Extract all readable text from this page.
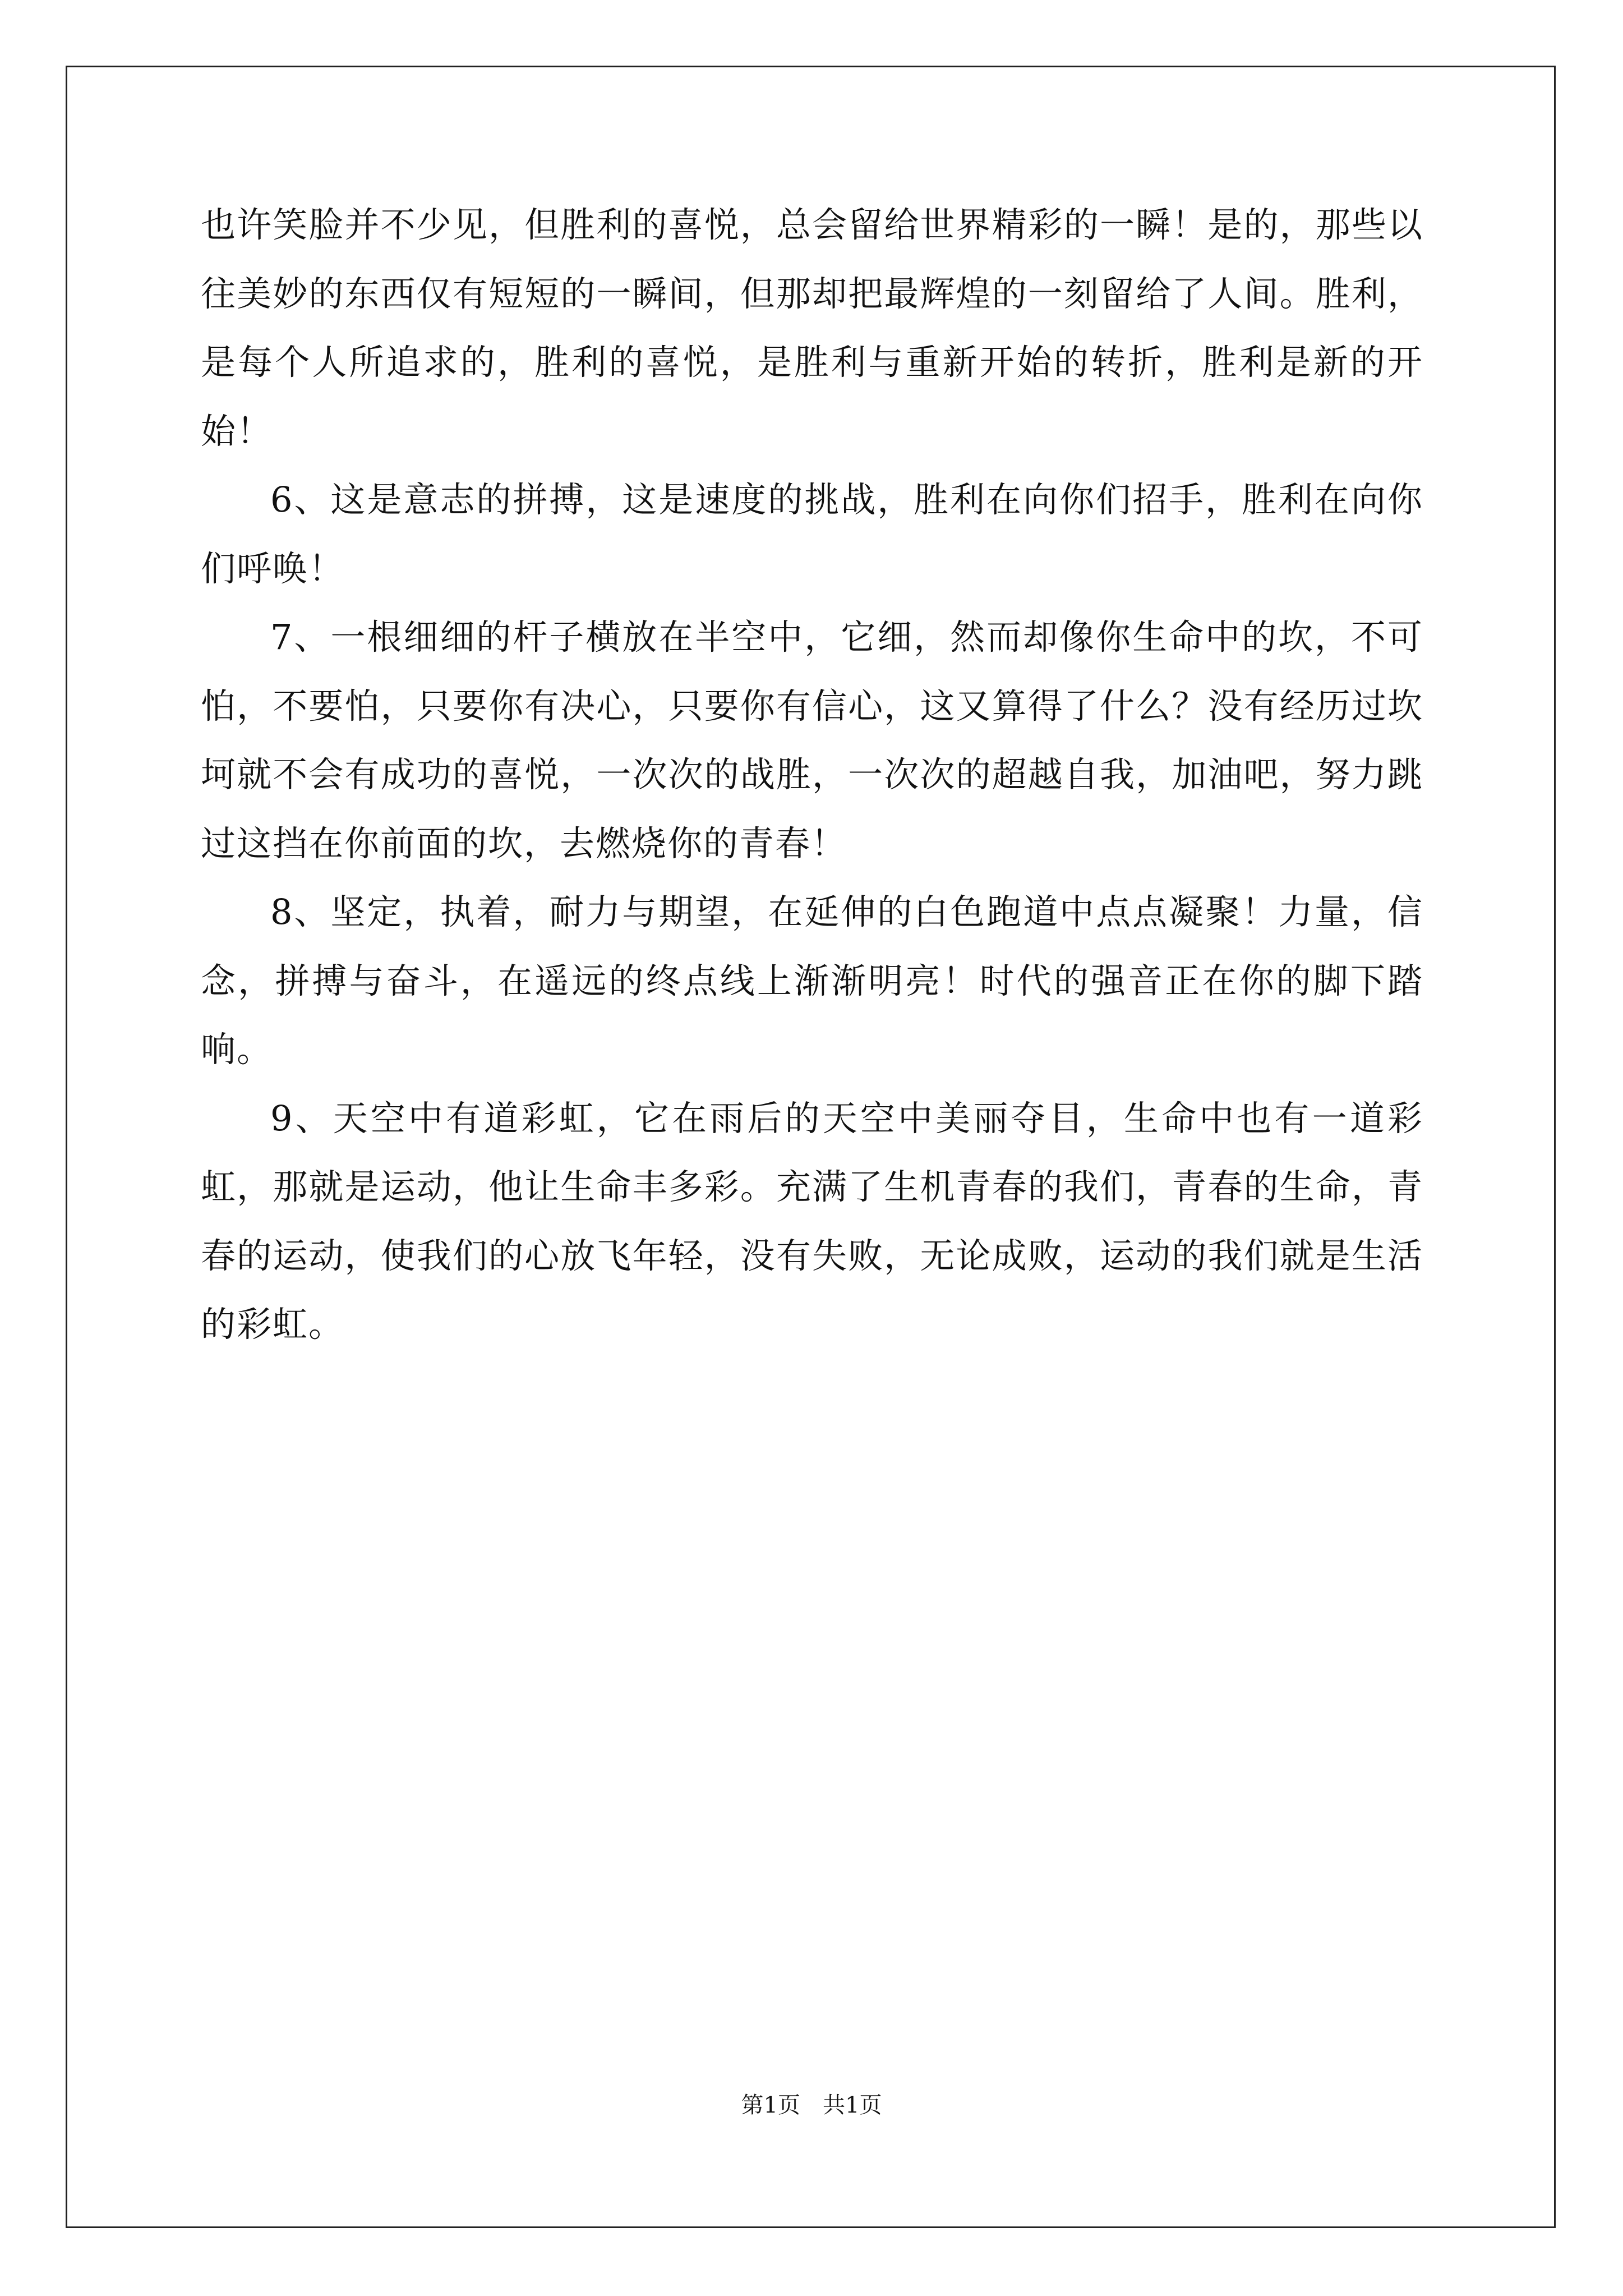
也许笑脸并不少见，但胜利的喜悦，总会留给世界精彩的一瞬！是的，那些以往美妙的东西仅有短短的一瞬间，但那却把最辉煌的一刻留给了人间。胜利，是每个人所追求的，胜利的喜悦，是胜利与重新开始的转折，胜利是新的开始！

6、这是意志的拼搏，这是速度的挑战，胜利在向你们招手，胜利在向你们呼唤！

7、一根细细的杆子横放在半空中，它细，然而却像你生命中的坎，不可怕，不要怕，只要你有决心，只要你有信心，这又算得了什么？没有经历过坎坷就不会有成功的喜悦，一次次的战胜，一次次的超越自我，加油吧，努力跳过这挡在你前面的坎，去燃烧你的青春！

8、坚定，执着，耐力与期望，在延伸的白色跑道中点点凝聚！力量，信念，拼搏与奋斗，在遥远的终点线上渐渐明亮！时代的强音正在你的脚下踏响。

9、天空中有道彩虹，它在雨后的天空中美丽夺目，生命中也有一道彩虹，那就是运动，他让生命丰多彩。充满了生机青春的我们，青春的生命，青春的运动，使我们的心放飞年轻，没有失败，无论成败，运动的我们就是生活的彩虹。

第1页　共1页
